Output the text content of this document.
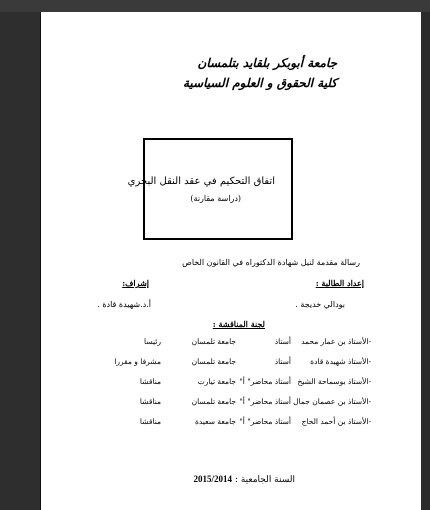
جامعة أبوبكر بلقايد بتلمسان
كلية الحقوق و العلوم السياسية
اتفاق التحكيم في عقد النقل البحري
(دراسة مقارنة)
رسالة مقدمة لنيل شهادة الدكتوراه في القانون الخاص
إعداد الطالبة :
إشراف:
بودالي خديجة .
أ.د.شهيدة قادة .
لجنة المناقشة :
-الأستاذ بن عمار محمد
أستاذ
جامعة تلمسان
رئيسا
-الأستاذ شهيدة قادة
أستاذ
جامعة تلمسان
مشرفا و مقررا
-الأستاذ بوسماحة الشيخ
أستاذ محاضر" أ"
جامعة تيارت
مناقشا
-الأستاذ بن عصمان جمال
أستاذ محاضر" أ"
جامعة تلمسان
مناقشا
-الأستاذ بن أحمد الحاج
أستاذ محاضر" أ"
جامعة سعيدة
مناقشا
السنة الجامعية : 2015/2014
